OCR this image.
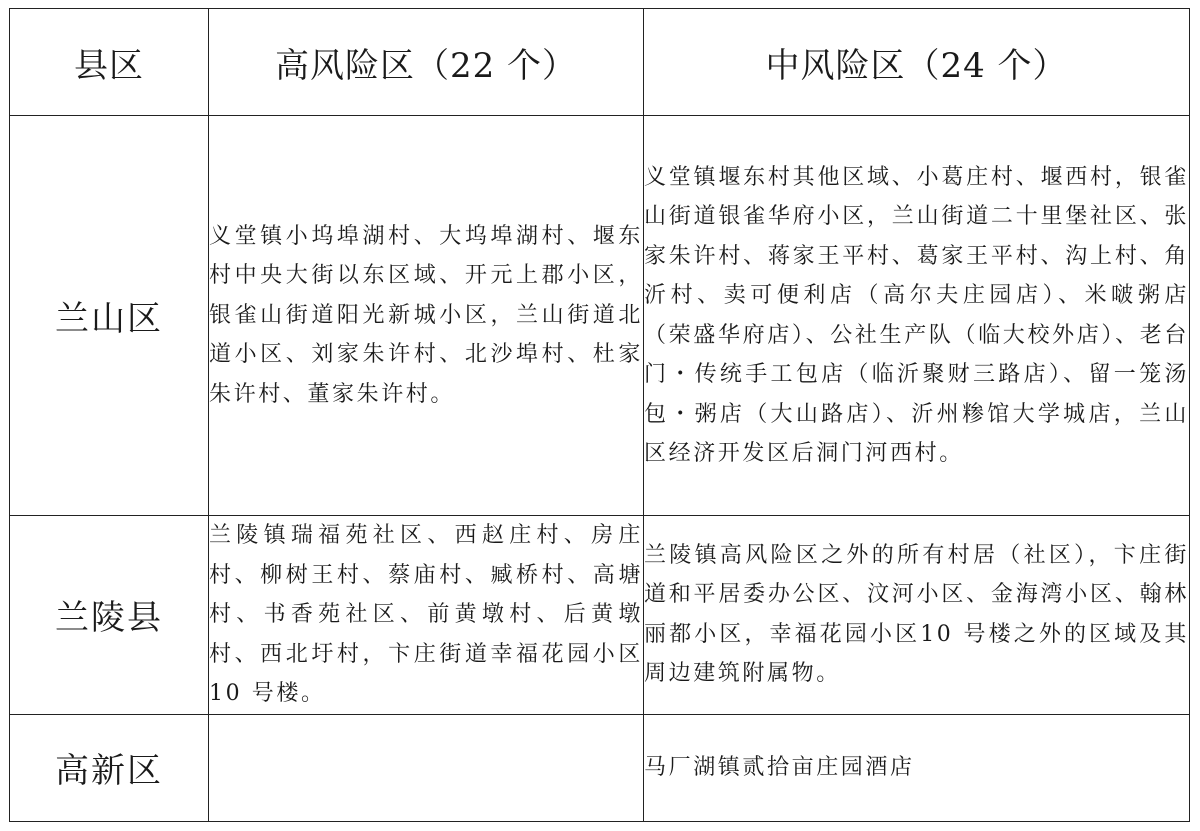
县区	高风险区（22 个）	中风险区（24 个）
兰山区	义堂镇小坞埠湖村、大坞埠湖村、堰东村中央大街以东区域、开元上郡小区，银雀山街道阳光新城小区，兰山街道北道小区、刘家朱许村、北沙埠村、杜家朱许村、董家朱许村。	义堂镇堰东村其他区域、小葛庄村、堰西村，银雀山街道银雀华府小区，兰山街道二十里堡社区、张家朱许村、蒋家王平村、葛家王平村、沟上村、角沂村、卖可便利店（高尔夫庄园店）、米啵粥店（荣盛华府店）、公社生产队（临大校外店）、老台门・传统手工包店（临沂聚财三路店）、留一笼汤包・粥店（大山路店）、沂州糁馆大学城店，兰山区经济开发区后洞门河西村。
兰陵县	兰陵镇瑞福苑社区、西赵庄村、房庄村、柳树王村、蔡庙村、臧桥村、高塘村、书香苑社区、前黄墩村、后黄墩村、西北圩村，卞庄街道幸福花园小区 10 号楼。	兰陵镇高风险区之外的所有村居（社区），卞庄街道和平居委办公区、汶河小区、金海湾小区、翰林丽都小区，幸福花园小区10 号楼之外的区域及其周边建筑附属物。
高新区		马厂湖镇贰拾亩庄园酒店
